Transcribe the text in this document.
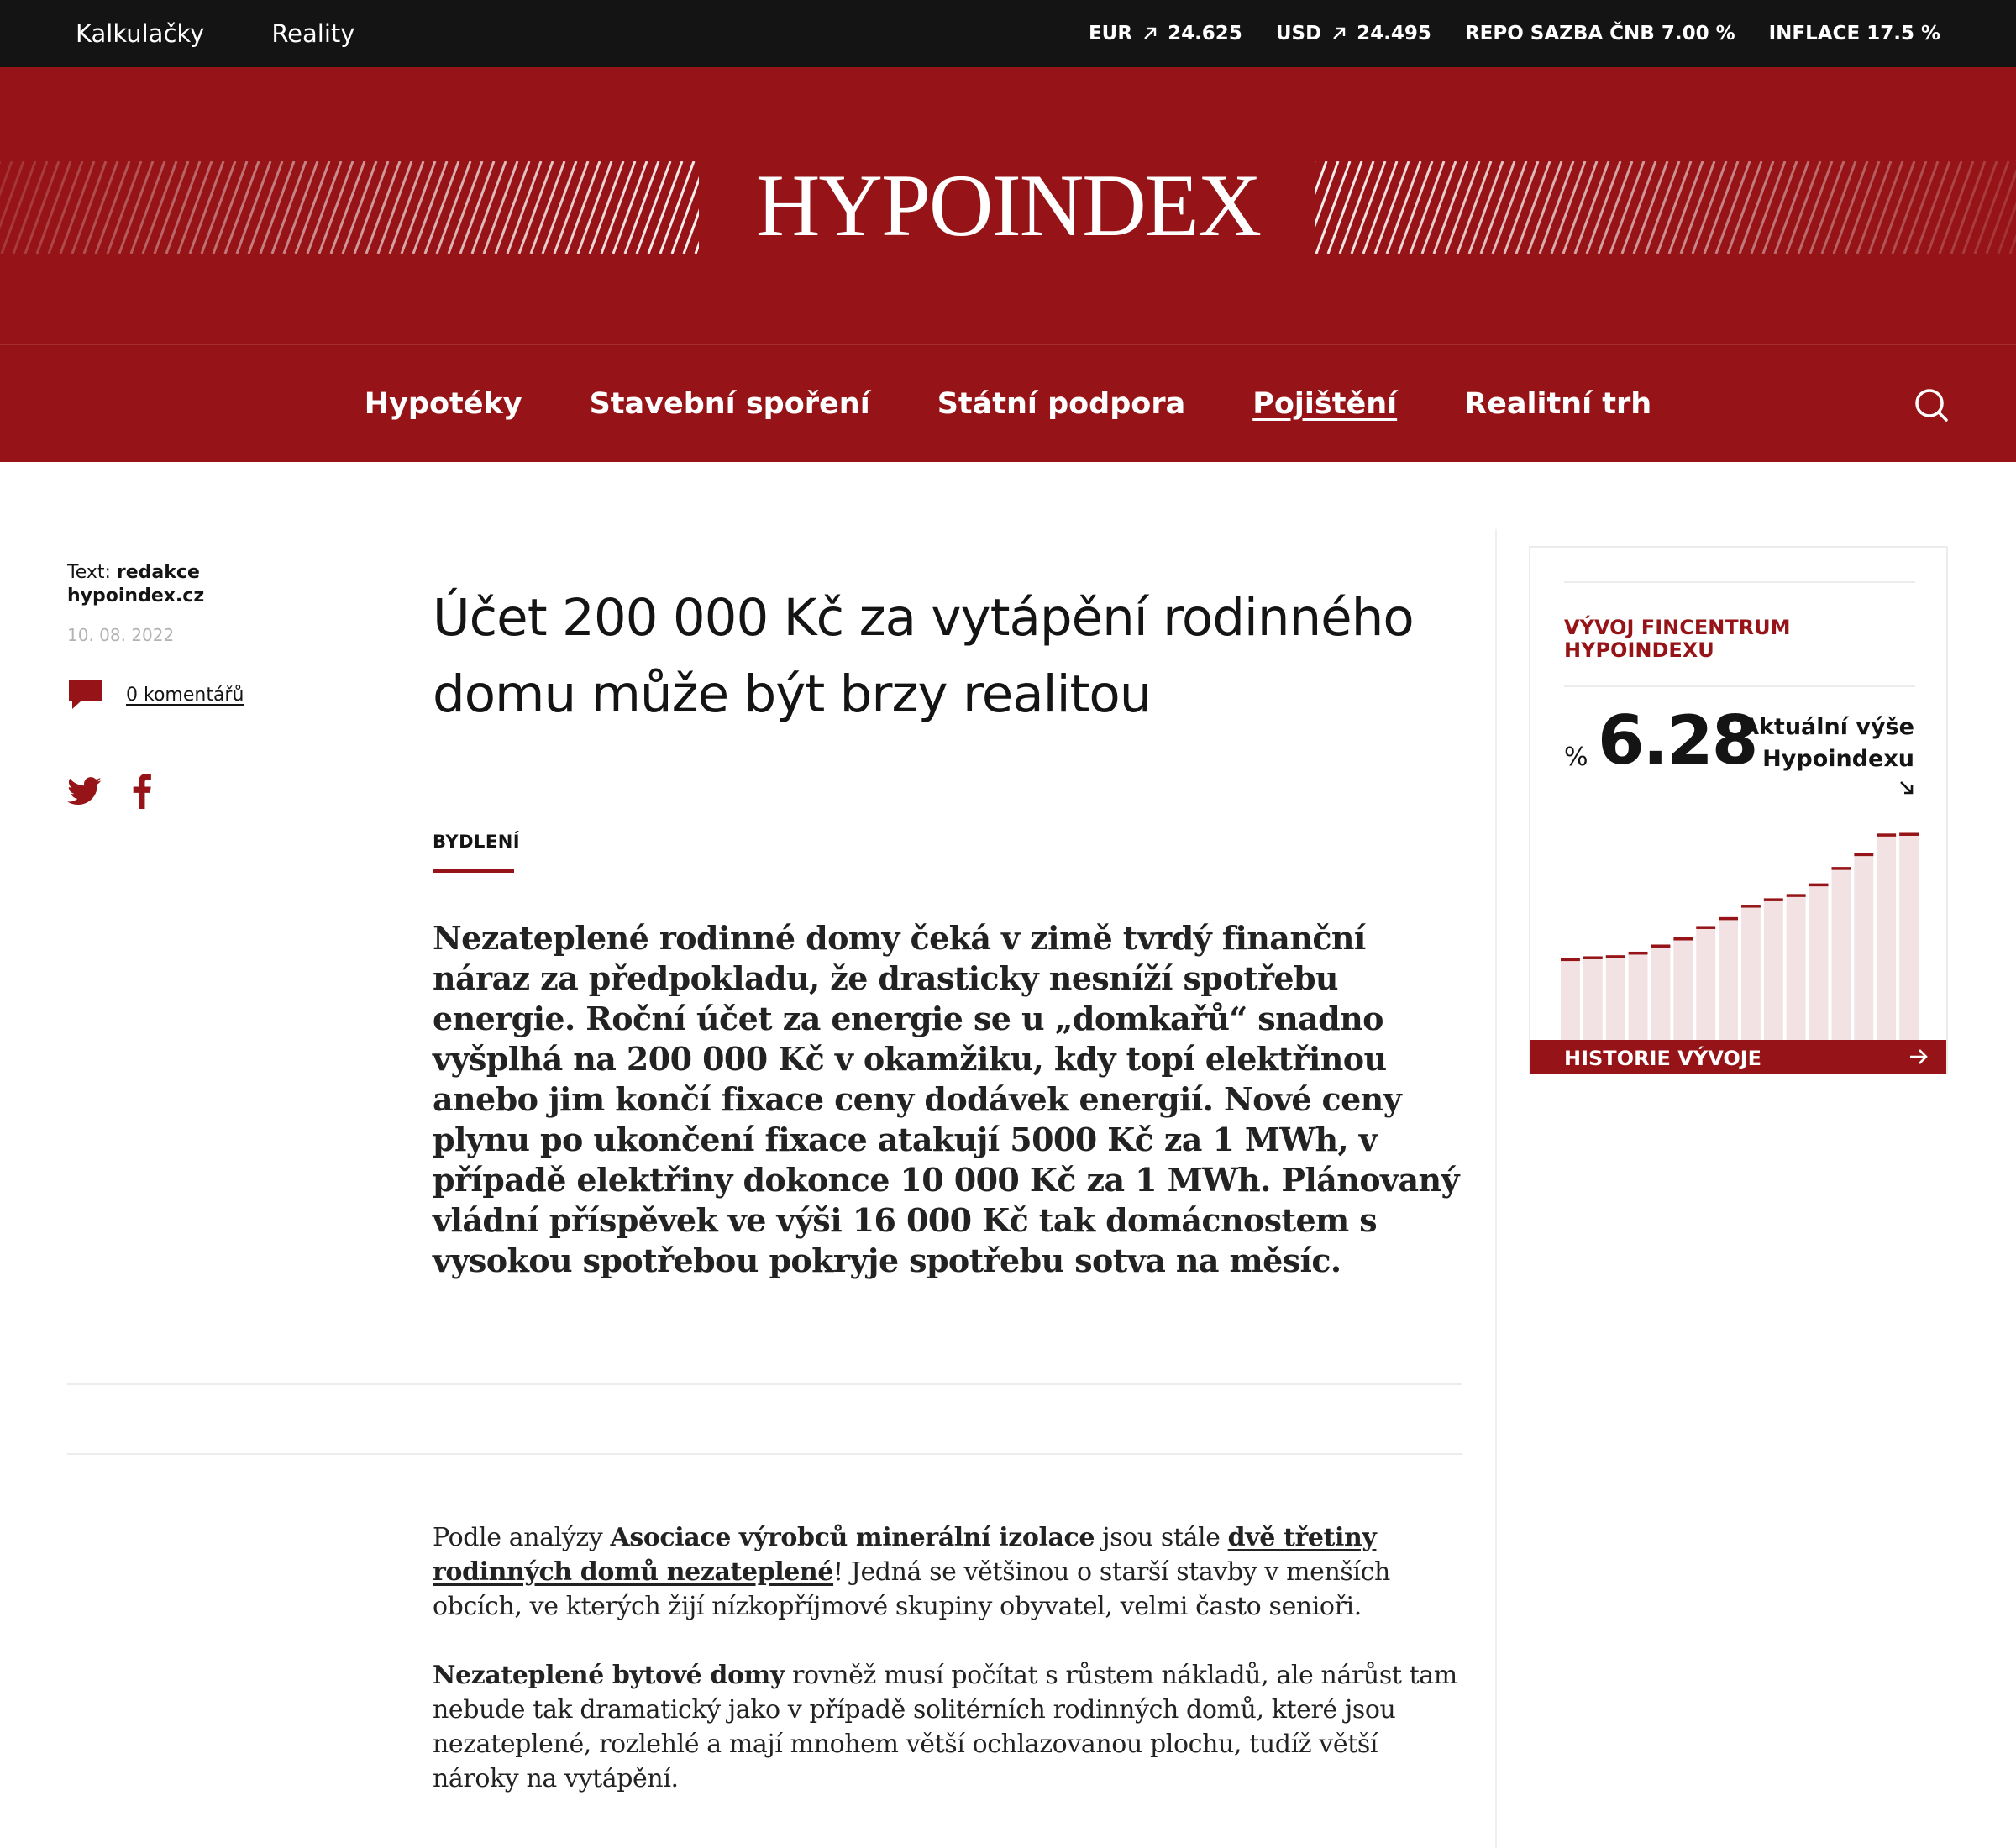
Kalkulačky	Reality	EUR 24.625 USD 24.495 REPO SAZBA ČNB 7.00 % INFLACE 17.5 %
HYPOINDEX
Hypotéky Stavební spoření Státní podpora Pojištění Realitní trh
Text: redakce
hypoindex.cz
10. 08. 2022
0 komentářů
Účet 200 000 Kč za vytápění rodinného domu může být brzy realitou
BYDLENÍ
Nezateplené rodinné domy čeká v zimě tvrdý finanční náraz za předpokladu, že drasticky nesníží spotřebu energie. Roční účet za energie se u „domkařů“ snadno vyšplhá na 200 000 Kč v okamžiku, kdy topí elektřinou anebo jim končí fixace ceny dodávek energií. Nové ceny plynu po ukončení fixace atakují 5000 Kč za 1 MWh, v případě elektřiny dokonce 10 000 Kč za 1 MWh. Plánovaný vládní příspěvek ve výši 16 000 Kč tak domácnostem s vysokou spotřebou pokryje spotřebu sotva na měsíc.

Podle analýzy Asociace výrobců minerální izolace jsou stále dvě třetiny rodinných domů nezateplené! Jedná se většinou o starší stavby v menších obcích, ve kterých žijí nízkopříjmové skupiny obyvatel, velmi často senioři.

Nezateplené bytové domy rovněž musí počítat s růstem nákladů, ale nárůst tam nebude tak dramatický jako v případě solitérních rodinných domů, které jsou nezateplené, rozlehlé a mají mnohem větší ochlazovanou plochu, tudíž větší nároky na vytápění.

VÝVOJ FINCENTRUM HYPOINDEXU
% 6.28
Aktuální výše Hypoindexu
HISTORIE VÝVOJE
